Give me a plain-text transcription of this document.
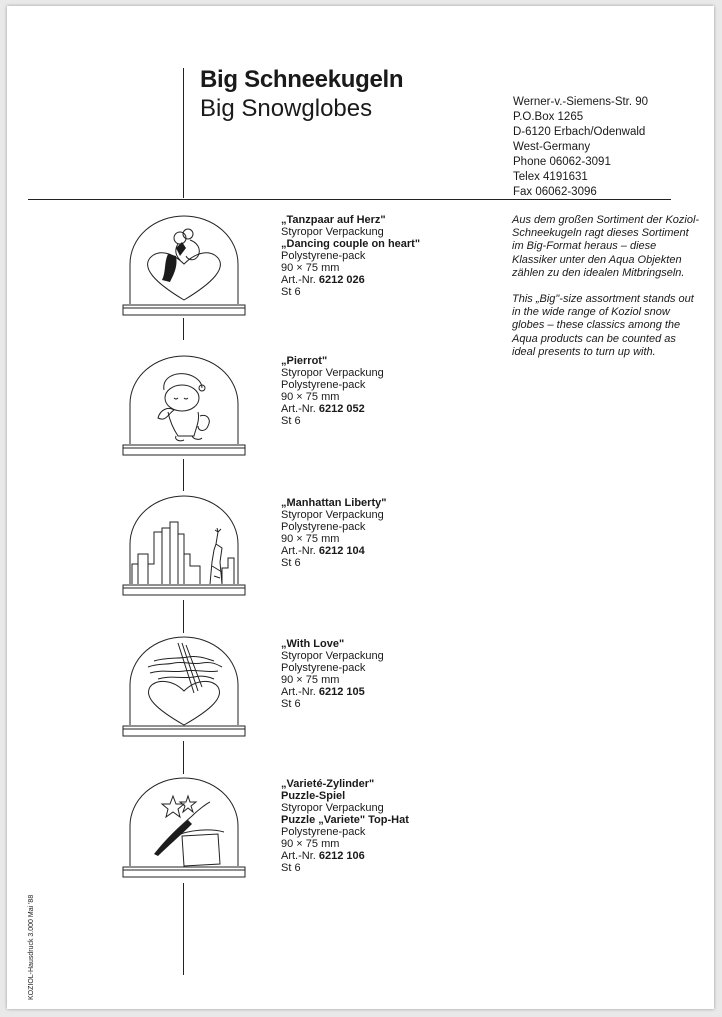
Big Schneekugeln
Big Snowglobes	Werner-v.-Siemens-Str. 90
P.O.Box 1265
D-6120 Erbach/Odenwald
West-Germany
Phone 06062-3091
Telex 4191631
Fax 06062-3096

Aus dem großen Sortiment der Koziol-Schneekugeln ragt dieses Sortiment im Big-Format heraus – diese Klassiker unter den Aqua Objekten zählen zu den idealen Mitbringseln.

This „Big"-size assortment stands out in the wide range of Koziol snow globes – these classics among the Aqua products can be counted as ideal presents to turn up with.

„Tanzpaar auf Herz"
Styropor Verpackung
„Dancing couple on heart"
Polystyrene-pack
90 × 75 mm
Art.-Nr. 6212 026
St 6
„Pierrot"
Styropor Verpackung
Polystyrene-pack
90 × 75 mm
Art.-Nr. 6212 052
St 6
„Manhattan Liberty"
Styropor Verpackung
Polystyrene-pack
90 × 75 mm
Art.-Nr. 6212 104
St 6
„With Love"
Styropor Verpackung
Polystyrene-pack
90 × 75 mm
Art.-Nr. 6212 105
St 6
„Varieté-Zylinder"
Puzzle-Spiel
Styropor Verpackung
Puzzle „Variete" Top-Hat
Polystyrene-pack
90 × 75 mm
Art.-Nr. 6212 106
St 6
KOZIOL-Hausdruck 3.000 Mai '88
